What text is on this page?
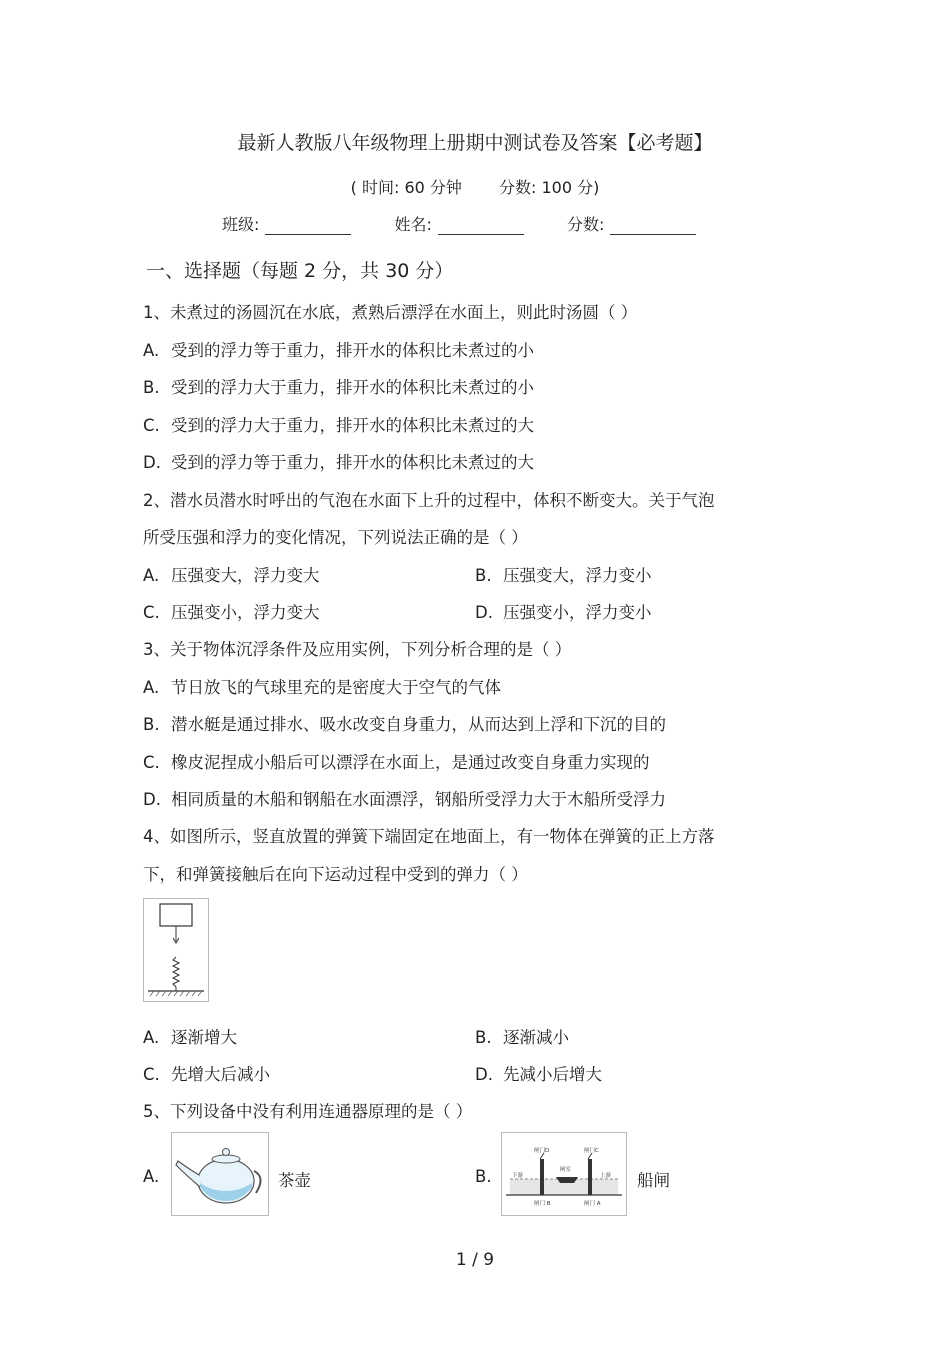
最新人教版八年级物理上册期中测试卷及答案【必考题】
( 时间: 60 分钟 分数: 100 分)
班级:	姓名:	分数:
一、选择题（每题 2 分，共 30 分）
1、未煮过的汤圆沉在水底，煮熟后漂浮在水面上，则此时汤圆（ ）
A. 受到的浮力等于重力，排开水的体积比未煮过的小
B. 受到的浮力大于重力，排开水的体积比未煮过的小
C. 受到的浮力大于重力，排开水的体积比未煮过的大
D. 受到的浮力等于重力，排开水的体积比未煮过的大
2、潜水员潜水时呼出的气泡在水面下上升的过程中，体积不断变大。关于气泡
所受压强和浮力的变化情况，下列说法正确的是（ ）
A. 压强变大，浮力变大	B. 压强变大，浮力变小
C. 压强变小，浮力变大	D. 压强变小，浮力变小
3、关于物体沉浮条件及应用实例，下列分析合理的是（ ）
A. 节日放飞的气球里充的是密度大于空气的气体
B. 潜水艇是通过排水、吸水改变自身重力，从而达到上浮和下沉的目的
C. 橡皮泥捏成小船后可以漂浮在水面上，是通过改变自身重力实现的
D. 相同质量的木船和钢船在水面漂浮，钢船所受浮力大于木船所受浮力
4、如图所示，竖直放置的弹簧下端固定在地面上，有一物体在弹簧的正上方落
下，和弹簧接触后在向下运动过程中受到的弹力（ ）
A. 逐渐增大	B. 逐渐减小
C. 先增大后减小	D. 先减小后增大
5、下列设备中没有利用连通器原理的是（ ）
A.	茶壶	B.
闸门D	闸门C
闸室
下游	上游
闸门 B	闸门 A
船闸
1 / 9
